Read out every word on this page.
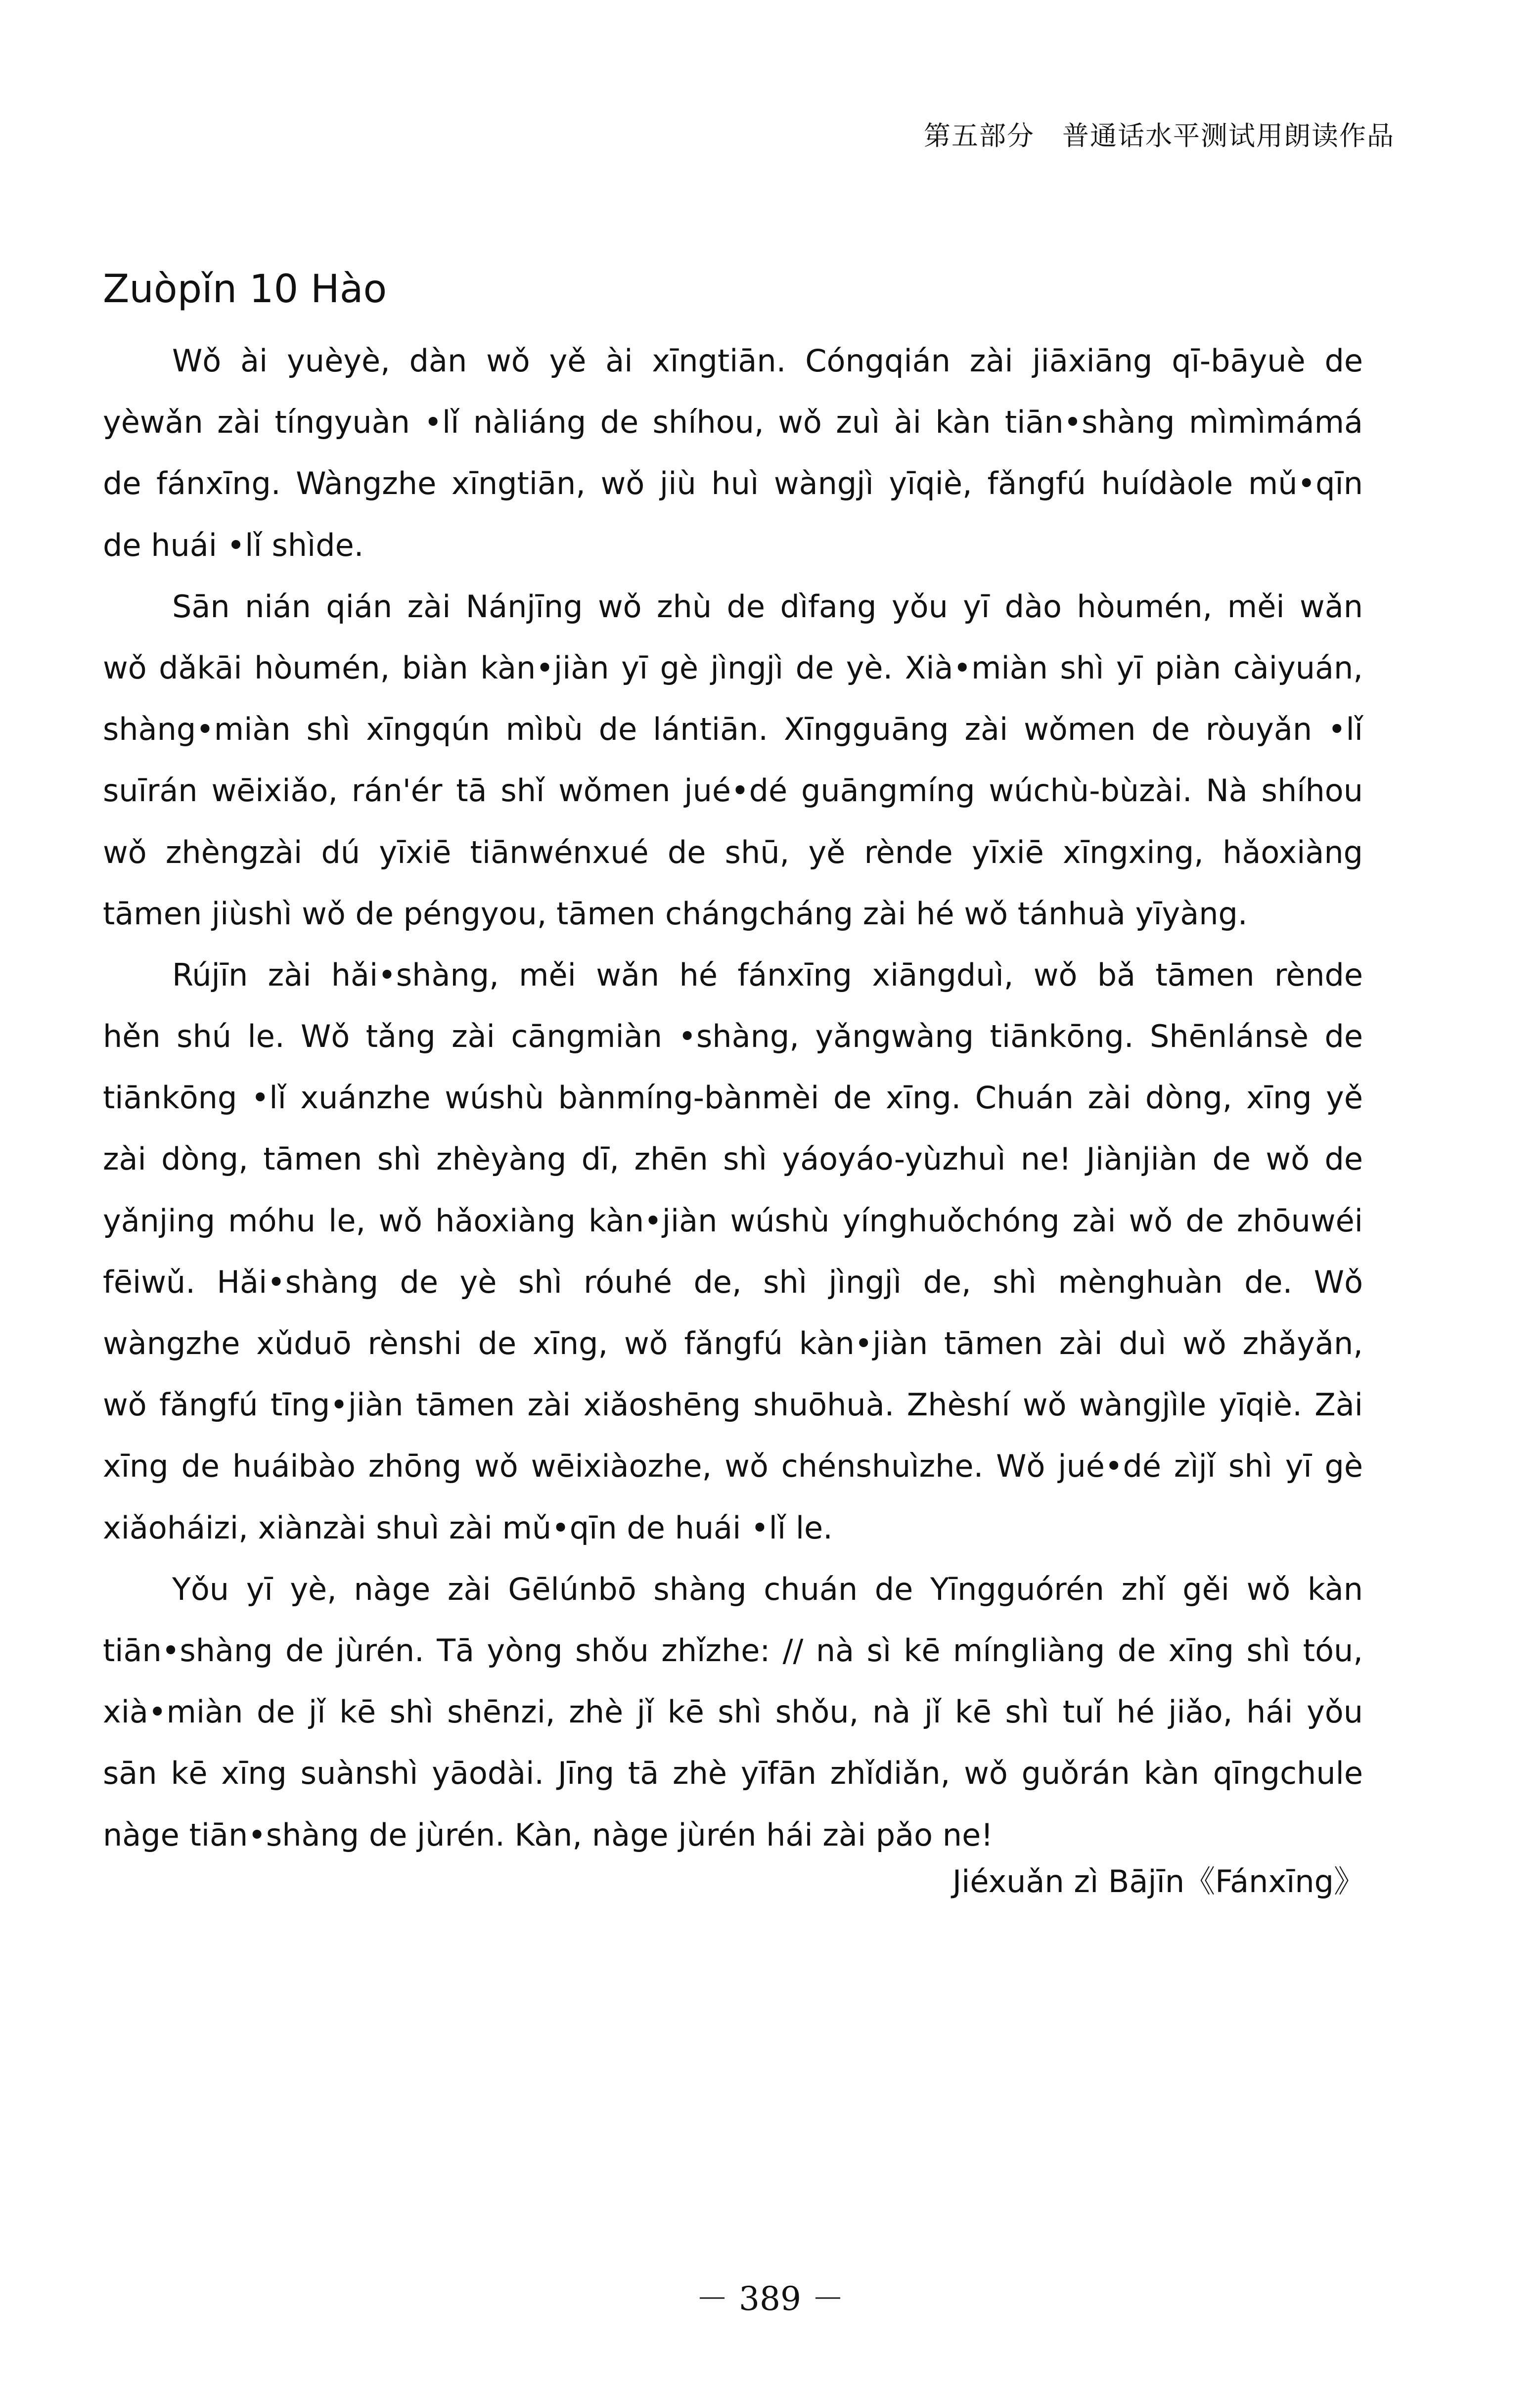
第五部分　普通话水平测试用朗读作品
Zuòpǐn 10 Hào
Wǒ ài yuèyè, dàn wǒ yě ài xīngtiān. Cóngqián zài jiāxiāng qī-bāyuè de
yèwǎn zài tíngyuàn •lǐ nàliáng de shíhou, wǒ zuì ài kàn tiān•shàng mìmìmámá
de fánxīng. Wàngzhe xīngtiān, wǒ jiù huì wàngjì yīqiè, fǎngfú huídàole mǔ•qīn
de huái •lǐ shìde.
Sān nián qián zài Nánjīng wǒ zhù de dìfang yǒu yī dào hòumén, měi wǎn
wǒ dǎkāi hòumén, biàn kàn•jiàn yī gè jìngjì de yè. Xià•miàn shì yī piàn càiyuán,
shàng•miàn shì xīngqún mìbù de lántiān. Xīngguāng zài wǒmen de ròuyǎn •lǐ
suīrán wēixiǎo, rán'ér tā shǐ wǒmen jué•dé guāngmíng wúchù-bùzài. Nà shíhou
wǒ zhèngzài dú yīxiē tiānwénxué de shū, yě rènde yīxiē xīngxing, hǎoxiàng
tāmen jiùshì wǒ de péngyou, tāmen chángcháng zài hé wǒ tánhuà yīyàng.
Rújīn zài hǎi•shàng, měi wǎn hé fánxīng xiāngduì, wǒ bǎ tāmen rènde
hěn shú le. Wǒ tǎng zài cāngmiàn •shàng, yǎngwàng tiānkōng. Shēnlánsè de
tiānkōng •lǐ xuánzhe wúshù bànmíng-bànmèi de xīng. Chuán zài dòng, xīng yě
zài dòng, tāmen shì zhèyàng dī, zhēn shì yáoyáo-yùzhuì ne! Jiànjiàn de wǒ de
yǎnjing móhu le, wǒ hǎoxiàng kàn•jiàn wúshù yínghuǒchóng zài wǒ de zhōuwéi
fēiwǔ. Hǎi•shàng de yè shì róuhé de, shì jìngjì de, shì mènghuàn de. Wǒ
wàngzhe xǔduō rènshi de xīng, wǒ fǎngfú kàn•jiàn tāmen zài duì wǒ zhǎyǎn,
wǒ fǎngfú tīng•jiàn tāmen zài xiǎoshēng shuōhuà. Zhèshí wǒ wàngjìle yīqiè. Zài
xīng de huáibào zhōng wǒ wēixiàozhe, wǒ chénshuìzhe. Wǒ jué•dé zìjǐ shì yī gè
xiǎoháizi, xiànzài shuì zài mǔ•qīn de huái •lǐ le.
Yǒu yī yè, nàge zài Gēlúnbō shàng chuán de Yīngguórén zhǐ gěi wǒ kàn
tiān•shàng de jùrén. Tā yòng shǒu zhǐzhe: // nà sì kē míngliàng de xīng shì tóu,
xià•miàn de jǐ kē shì shēnzi, zhè jǐ kē shì shǒu, nà jǐ kē shì tuǐ hé jiǎo, hái yǒu
sān kē xīng suànshì yāodài. Jīng tā zhè yīfān zhǐdiǎn, wǒ guǒrán kàn qīngchule
nàge tiān•shàng de jùrén. Kàn, nàge jùrén hái zài pǎo ne!
Jiéxuǎn zì Bājīn《Fánxīng》
－ 389 －
